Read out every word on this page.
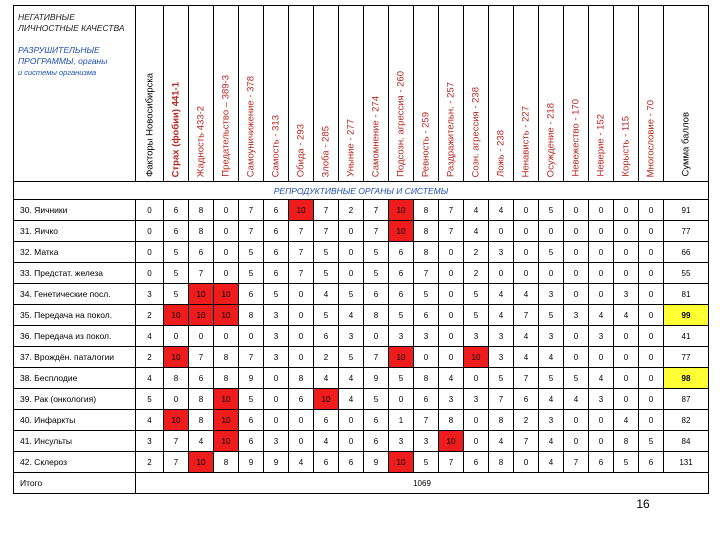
НЕГАТИВНЫЕ ЛИЧНОСТНЫЕ КАЧЕСТВА
РАЗРУШИТЕЛЬНЫЕ ПРОГРАММЫ, органы
и системы организма	Факторы Новосибирска	Страх (фобии) 441-1	Жадность 433-2	Предательство – 389-3	Самоуничижение - 378	Самость - 313	Обида - 293	Злоба - 285	Уныние - 277	Самомнение - 274	Подсозн. агрессия - 260	Ревность - 259	Раздражительн. - 257	Созн. агрессия - 238	Ложь - 238	Ненависть - 227	Осуждение - 218	Невежество - 170	Неверие - 152	Корысть - 115	Многословие - 70	Сумма баллов

РЕПРОДУКТИВНЫЕ ОРГАНЫ И СИСТЕМЫ																						
30. Яичники	0	6	8	0	7	6	10	7	2	7	10	8	7	4	4	0	5	0	0	0	0	91
31. Яичко	0	6	8	0	7	6	7	7	0	7	10	8	7	4	0	0	0	0	0	0	0	77
32. Матка	0	5	6	0	5	6	7	5	0	5	6	8	0	2	3	0	5	0	0	0	0	66
33. Предстат. железа	0	5	7	0	5	6	7	5	0	5	6	7	0	2	0	0	0	0	0	0	0	55
34. Генетические посл.	3	5	10	10	6	5	0	4	5	6	6	5	0	5	4	4	3	0	0	3	0	81
35. Передача на покол.	2	10	10	10	8	3	0	5	4	8	5	6	0	5	4	7	5	3	4	4	0	99
36. Передача из покол.	4	0	0	0	0	3	0	6	3	0	3	3	0	3	3	4	3	0	3	0	0	41
37. Врождён. паталогии	2	10	7	8	7	3	0	2	5	7	10	0	0	10	3	4	4	0	0	0	0	77
38. Бесплодие	4	8	6	8	9	0	8	4	4	9	5	8	4	0	5	7	5	5	4	0	0	98
39. Рак (онкология)	5	0	8	10	5	0	6	10	4	5	0	6	3	3	7	6	4	4	3	0	0	87
40. Инфаркты	4	10	8	10	6	0	0	6	0	6	1	7	8	0	8	2	3	0	0	4	0	82
41. Инсульты	3	7	4	10	6	3	0	4	0	6	3	3	10	0	4	7	4	0	0	8	5	84
42. Склероз	2	7	10	8	9	9	4	6	6	9	10	5	7	6	8	0	4	7	6	5	6	131
Итого	1069																					
16
